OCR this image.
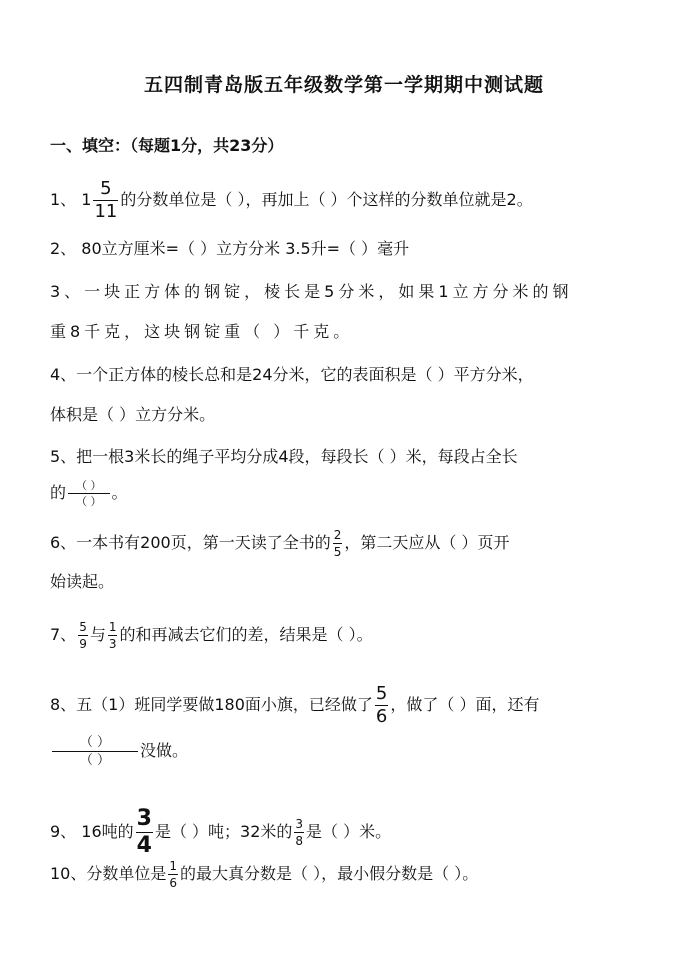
五四制青岛版五年级数学第一学期期中测试题
一、填空：（每题1分，共23分）
1、 $1 \frac{5}{11}$ 的分数单位是（ ），再加上（ ）个这样的分数单位就是2。
2、 80立方厘米=（ ）立方分米 3.5升=（ ）毫升
3、一块正方体的钢锭，棱长是5分米，如果1立方分米的钢
重8千克，这块钢锭重（ ）千克。
4、一个正方体的棱长总和是24分米，它的表面积是（ ）平方分米，
体积是（ ）立方分米。
5、把一根3米长的绳子平均分成4段，每段长（ ）米，每段占全长
的 $\frac{( )}{( )}$ 。
6、一本书有200页，第一天读了全书的 $\frac{2}{5}$ ，第二天应从（ ）页开
始读起。
7、 $\frac{5}{9}$ 与 $\frac{1}{3}$ 的和再减去它们的差，结果是（ ）。
8、五（1）班同学要做180面小旗，已经做了 $\frac{5}{6}$ ，做了（ ）面，还有
$\frac{( )}{( )}$ 没做。
9、 16吨的 $\frac{3}{4}$ 是（ ）吨；32米的 $\frac{3}{8}$ 是（ ）米。
10、分数单位是 $\frac{1}{6}$ 的最大真分数是（ ），最小假分数是（ ）。
